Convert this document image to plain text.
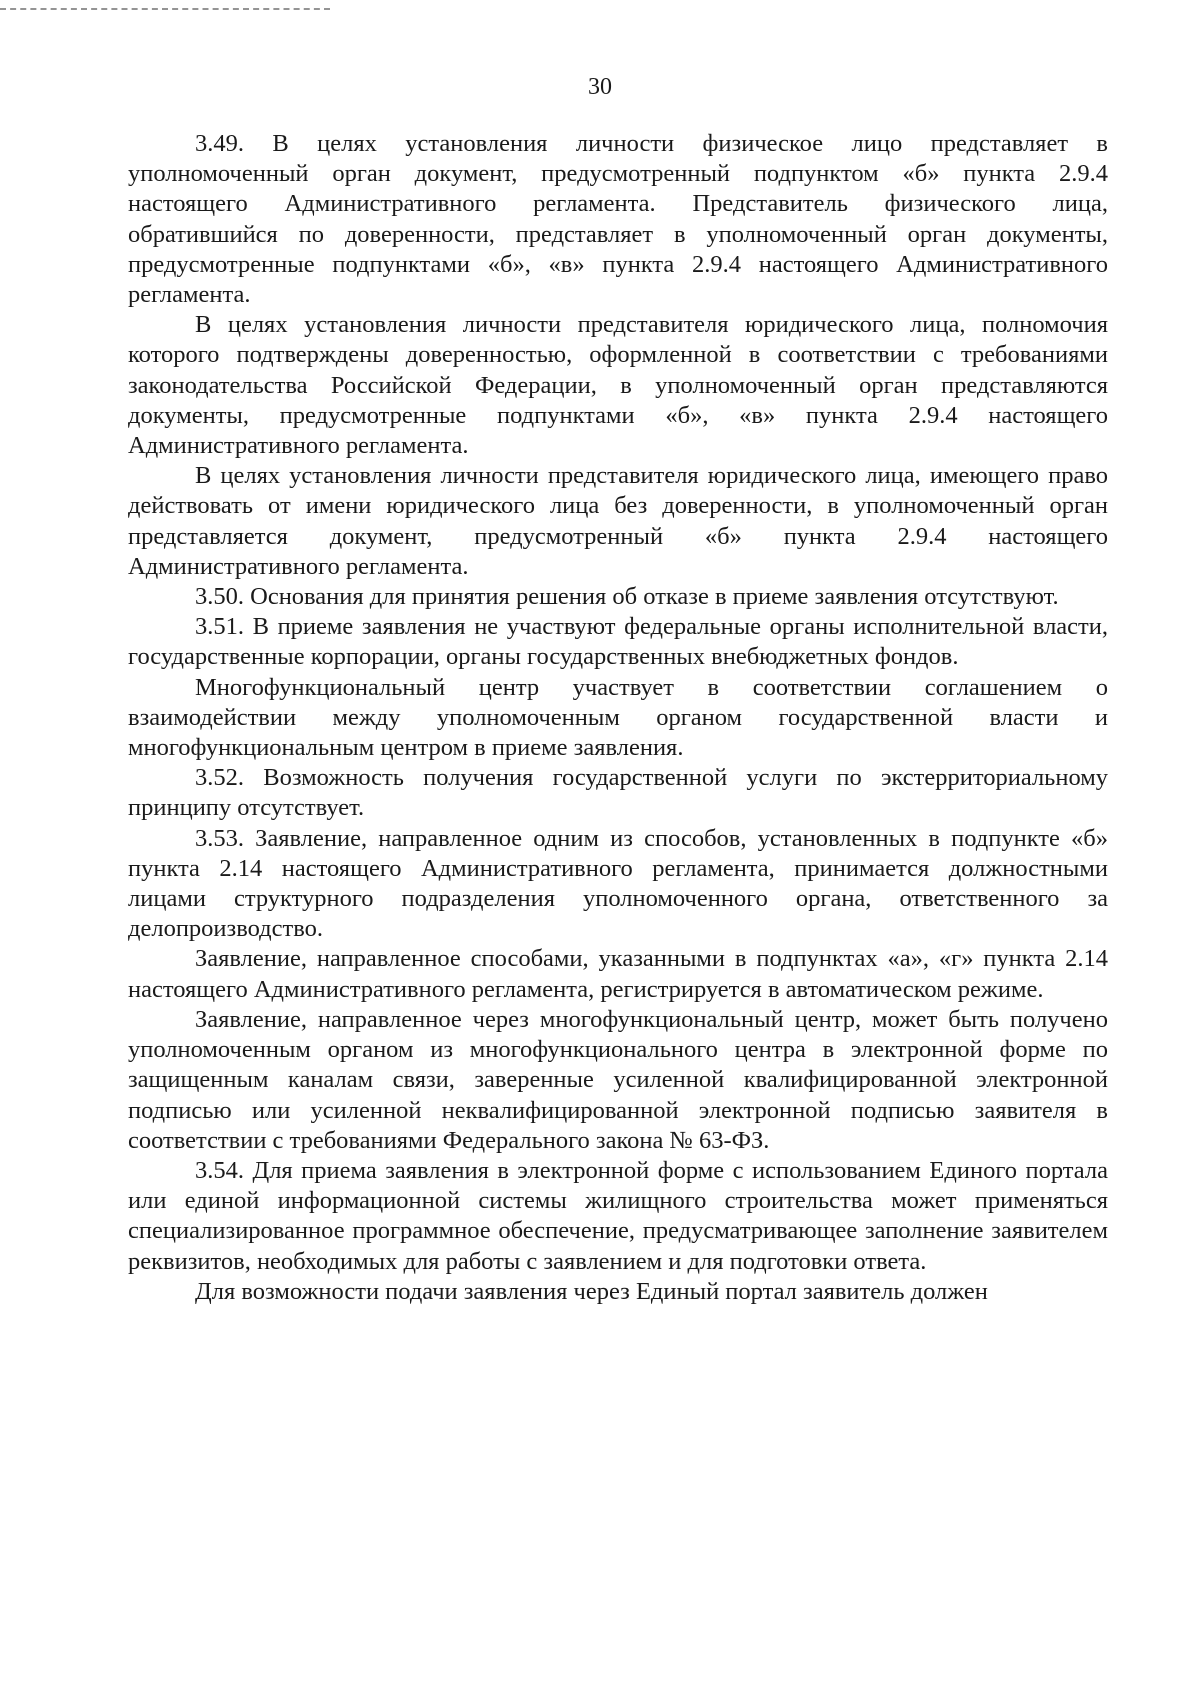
30

3.49. В целях установления личности физическое лицо представляет в уполномоченный орган документ, предусмотренный подпунктом «б» пункта 2.9.4 настоящего Административного регламента. Представитель физического лица, обратившийся по доверенности, представляет в уполномоченный орган документы, предусмотренные подпунктами «б», «в» пункта 2.9.4 настоящего Административного регламента.

В целях установления личности представителя юридического лица, полномочия которого подтверждены доверенностью, оформленной в соответствии с требованиями законодательства Российской Федерации, в уполномоченный орган представляются документы, предусмотренные подпунктами «б», «в» пункта 2.9.4 настоящего Административного регламента.

В целях установления личности представителя юридического лица, имеющего право действовать от имени юридического лица без доверенности, в уполномоченный орган представляется документ, предусмотренный «б» пункта 2.9.4 настоящего Административного регламента.

3.50. Основания для принятия решения об отказе в приеме заявления отсутствуют.

3.51. В приеме заявления не участвуют федеральные органы исполнительной власти, государственные корпорации, органы государственных внебюджетных фондов.

Многофункциональный центр участвует в соответствии соглашением о взаимодействии между уполномоченным органом государственной власти и многофункциональным центром в приеме заявления.

3.52. Возможность получения государственной услуги по экстерриториальному принципу отсутствует.

3.53. Заявление, направленное одним из способов, установленных в подпункте «б» пункта 2.14 настоящего Административного регламента, принимается должностными лицами структурного подразделения уполномоченного органа, ответственного за делопроизводство.

Заявление, направленное способами, указанными в подпунктах «а», «г» пункта 2.14 настоящего Административного регламента, регистрируется в автоматическом режиме.

Заявление, направленное через многофункциональный центр, может быть получено уполномоченным органом из многофункционального центра в электронной форме по защищенным каналам связи, заверенные усиленной квалифицированной электронной подписью или усиленной неквалифицированной электронной подписью заявителя в соответствии с требованиями Федерального закона № 63-ФЗ.

3.54. Для приема заявления в электронной форме с использованием Единого портала или единой информационной системы жилищного строительства может применяться специализированное программное обеспечение, предусматривающее заполнение заявителем реквизитов, необходимых для работы с заявлением и для подготовки ответа.

Для возможности подачи заявления через Единый портал заявитель должен
